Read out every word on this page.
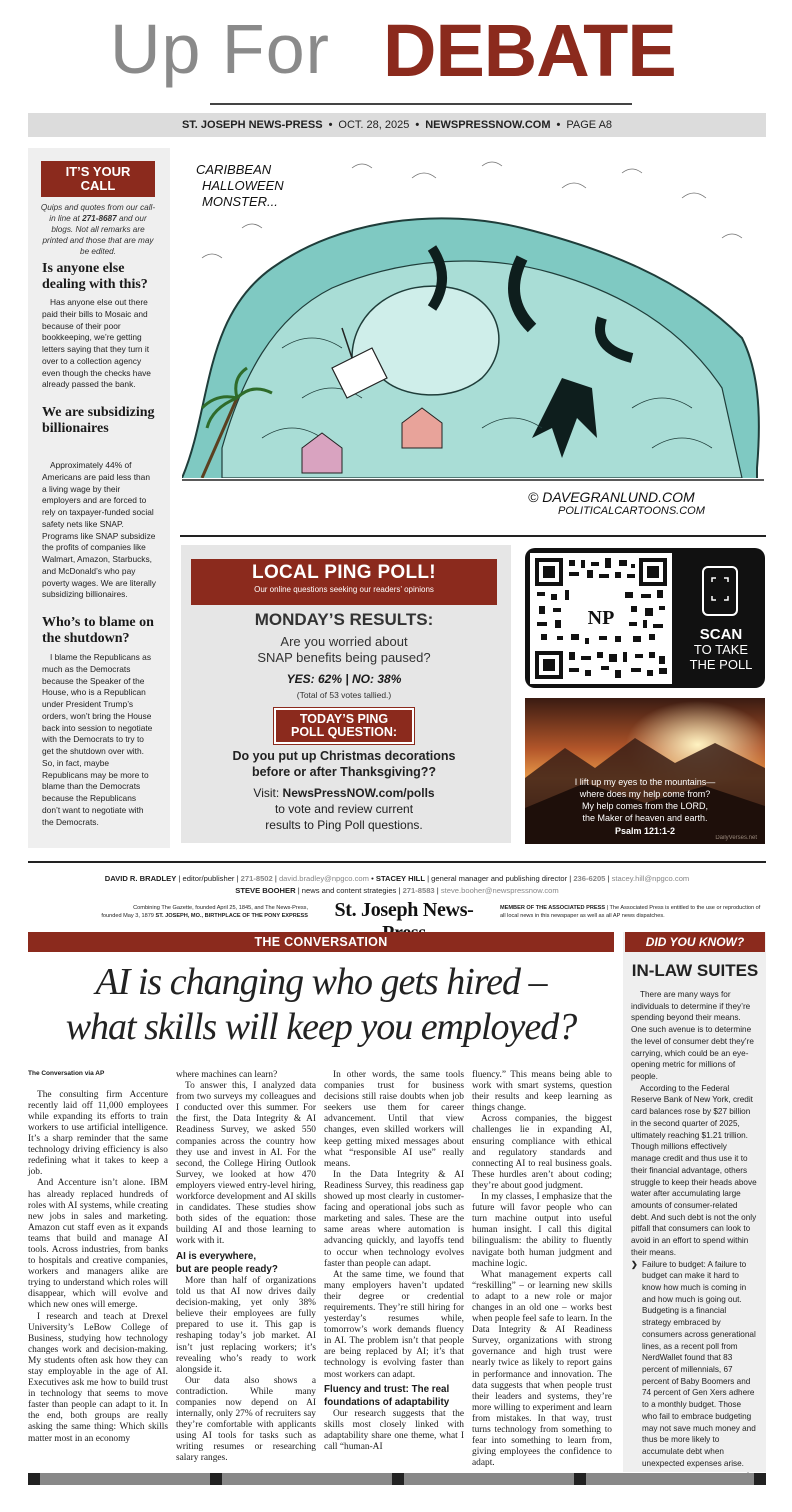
Up For DEBATE
ST. JOSEPH NEWS-PRESS • OCT. 28, 2025 • NEWSPRESSNOW.COM • PAGE A8
IT’S YOUR
CALL
Quips and quotes from our call-in line at 271-8687 and our blogs. Not all remarks are printed and those that are may be edited.
Is anyone else dealing with this?
Has anyone else out there paid their bills to Mosaic and because of their poor bookkeeping, we’re getting letters saying that they turn it over to a collection agency even though the checks have already passed the bank.
We are subsidizing billionaires
Approximately 44% of Americans are paid less than a living wage by their employers and are forced to rely on taxpayer-funded social safety nets like SNAP. Programs like SNAP subsidize the profits of companies like Walmart, Amazon, Starbucks, and McDonald’s who pay poverty wages. We are literally subsidizing billionaires.
Who’s to blame on the shutdown?
I blame the Republicans as much as the Democrats because the Speaker of the House, who is a Republican under President Trump’s orders, won’t bring the House back into session to negotiate with the Democrats to try to get the shutdown over with. So, in fact, maybe Republicans may be more to blame than the Democrats because the Republicans don’t want to negotiate with the Democrats.
CARIBBEAN
HALLOWEEN
MONSTER...
© DAVEGRANLUND.COM
POLITICALCARTOONS.COM
LOCAL PING POLL!
Our online questions seeking our readers’ opinions
MONDAY’S RESULTS:
Are you worried about
SNAP benefits being paused?
YES: 62% | NO: 38%
(Total of 53 votes tallied.)
TODAY’S PING
POLL QUESTION:
Do you put up Christmas decorations
before or after Thanksgiving??
Visit: NewsPressNOW.com/polls
to vote and review current
results to Ping Poll questions.
NP
SCAN
TO TAKE
THE POLL
DailyVerses.net
I lift up my eyes to the mountains—
where does my help come from?
My help comes from the LORD,
the Maker of heaven and earth.
Psalm 121:1-2
DAVID R. BRADLEY | editor/publisher | 271-8502 | david.bradley@npgco.com • STACEY HILL | general manager and publishing director | 236-6205 | stacey.hill@npgco.com
STEVE BOOHER | news and content strategies | 271-8583 | steve.booher@newspressnow.com
Combining The Gazette, founded April 25, 1845, and The News-Press,
founded May 3, 1879 ST. JOSEPH, MO., BIRTHPLACE OF THE PONY EXPRESS	St. Joseph News-	MEMBER OF THE ASSOCIATED PRESS | The Associated Press is entitled to the use or reproduction of all local news in this newspaper as well as all AP news dispatches.
THE CONVERSATION
AI is changing who gets hired –
what skills will keep you employed?

The Conversation via AP

The consulting firm Accenture recently laid off 11,000 employees while expanding its efforts to train workers to use artificial intelligence. It’s a sharp reminder that the same technology driving efficiency is also redefining what it takes to keep a job.

And Accenture isn’t alone. IBM has already replaced hundreds of roles with AI systems, while creating new jobs in sales and marketing. Amazon cut staff even as it expands teams that build and manage AI tools. Across industries, from banks to hospitals and creative companies, workers and managers alike are trying to understand which roles will disappear, which will evolve and which new ones will emerge.

I research and teach at Drexel University’s LeBow College of Business, studying how technology changes work and decision-making. My students often ask how they can stay employable in the age of AI. Executives ask me how to build trust in technology that seems to move faster than people can adapt to it. In the end, both groups are really asking the same thing: Which skills matter most in an economy

where machines can learn?

To answer this, I analyzed data from two surveys my colleagues and I conducted over this summer. For the first, the Data Integrity & AI Readiness Survey, we asked 550 companies across the country how they use and invest in AI. For the second, the College Hiring Outlook Survey, we looked at how 470 employers viewed entry-level hiring, workforce development and AI skills in candidates. These studies show both sides of the equation: those building AI and those learning to work with it.

AI is everywhere,
but are people ready?

More than half of organizations told us that AI now drives daily decision-making, yet only 38% believe their employees are fully prepared to use it. This gap is reshaping today’s job market. AI isn’t just replacing workers; it’s revealing who’s ready to work alongside it.

Our data also shows a contradiction. While many companies now depend on AI internally, only 27% of recruiters say they’re comfortable with applicants using AI tools for tasks such as writing resumes or researching salary ranges.

In other words, the same tools companies trust for business decisions still raise doubts when job seekers use them for career advancement. Until that view changes, even skilled workers will keep getting mixed messages about what “responsible AI use” really means.

In the Data Integrity & AI Readiness Survey, this readiness gap showed up most clearly in customer-facing and operational jobs such as marketing and sales. These are the same areas where automation is advancing quickly, and layoffs tend to occur when technology evolves faster than people can adapt.

At the same time, we found that many employers haven’t updated their degree or credential requirements. They’re still hiring for yesterday’s resumes while, tomorrow’s work demands fluency in AI. The problem isn’t that people are being replaced by AI; it’s that technology is evolving faster than most workers can adapt.

Fluency and trust: The real
foundations of adaptability

Our research suggests that the skills most closely linked with adaptability share one theme, what I call “human-AI

fluency.” This means being able to work with smart systems, question their results and keep learning as things change.

Across companies, the biggest challenges lie in expanding AI, ensuring compliance with ethical and regulatory standards and connecting AI to real business goals. These hurdles aren’t about coding; they’re about good judgment.

In my classes, I emphasize that the future will favor people who can turn machine output into useful human insight. I call this digital bilingualism: the ability to fluently navigate both human judgment and machine logic.

What management experts call “reskilling” – or learning new skills to adapt to a new role or major changes in an old one – works best when people feel safe to learn. In the Data Integrity & AI Readiness Survey, organizations with strong governance and high trust were nearly twice as likely to report gains in performance and innovation. The data suggests that when people trust their leaders and systems, they’re more willing to experiment and learn from mistakes. In that way, trust turns technology from something to fear into something to learn from, giving employees the confidence to adapt.

DID YOU KNOW?
IN-LAW SUITES

There are many ways for individuals to determine if they’re spending beyond their means. One such avenue is to determine the level of consumer debt they’re carrying, which could be an eye-opening metric for millions of people.

According to the Federal Reserve Bank of New York, credit card balances rose by $27 billion in the second quarter of 2025, ultimately reaching $1.21 trillion. Though millions effectively manage credit and thus use it to their financial advantage, others struggle to keep their heads above water after accumulating large amounts of consumer-related debt. And such debt is not the only pitfall that consumers can look to avoid in an effort to spend within their means.

❯ Failure to budget: A failure to budget can make it hard to know how much is coming in and how much is going out. Budgeting is a financial strategy embraced by consumers across generational lines, as a recent poll from NerdWallet found that 83 percent of millennials, 67 percent of Baby Boomers and 74 percent of Gen Xers adhere to a monthly budget. Those who fail to embrace budgeting may not save much money and thus be more likely to accumulate debt when unexpected expenses arise.
